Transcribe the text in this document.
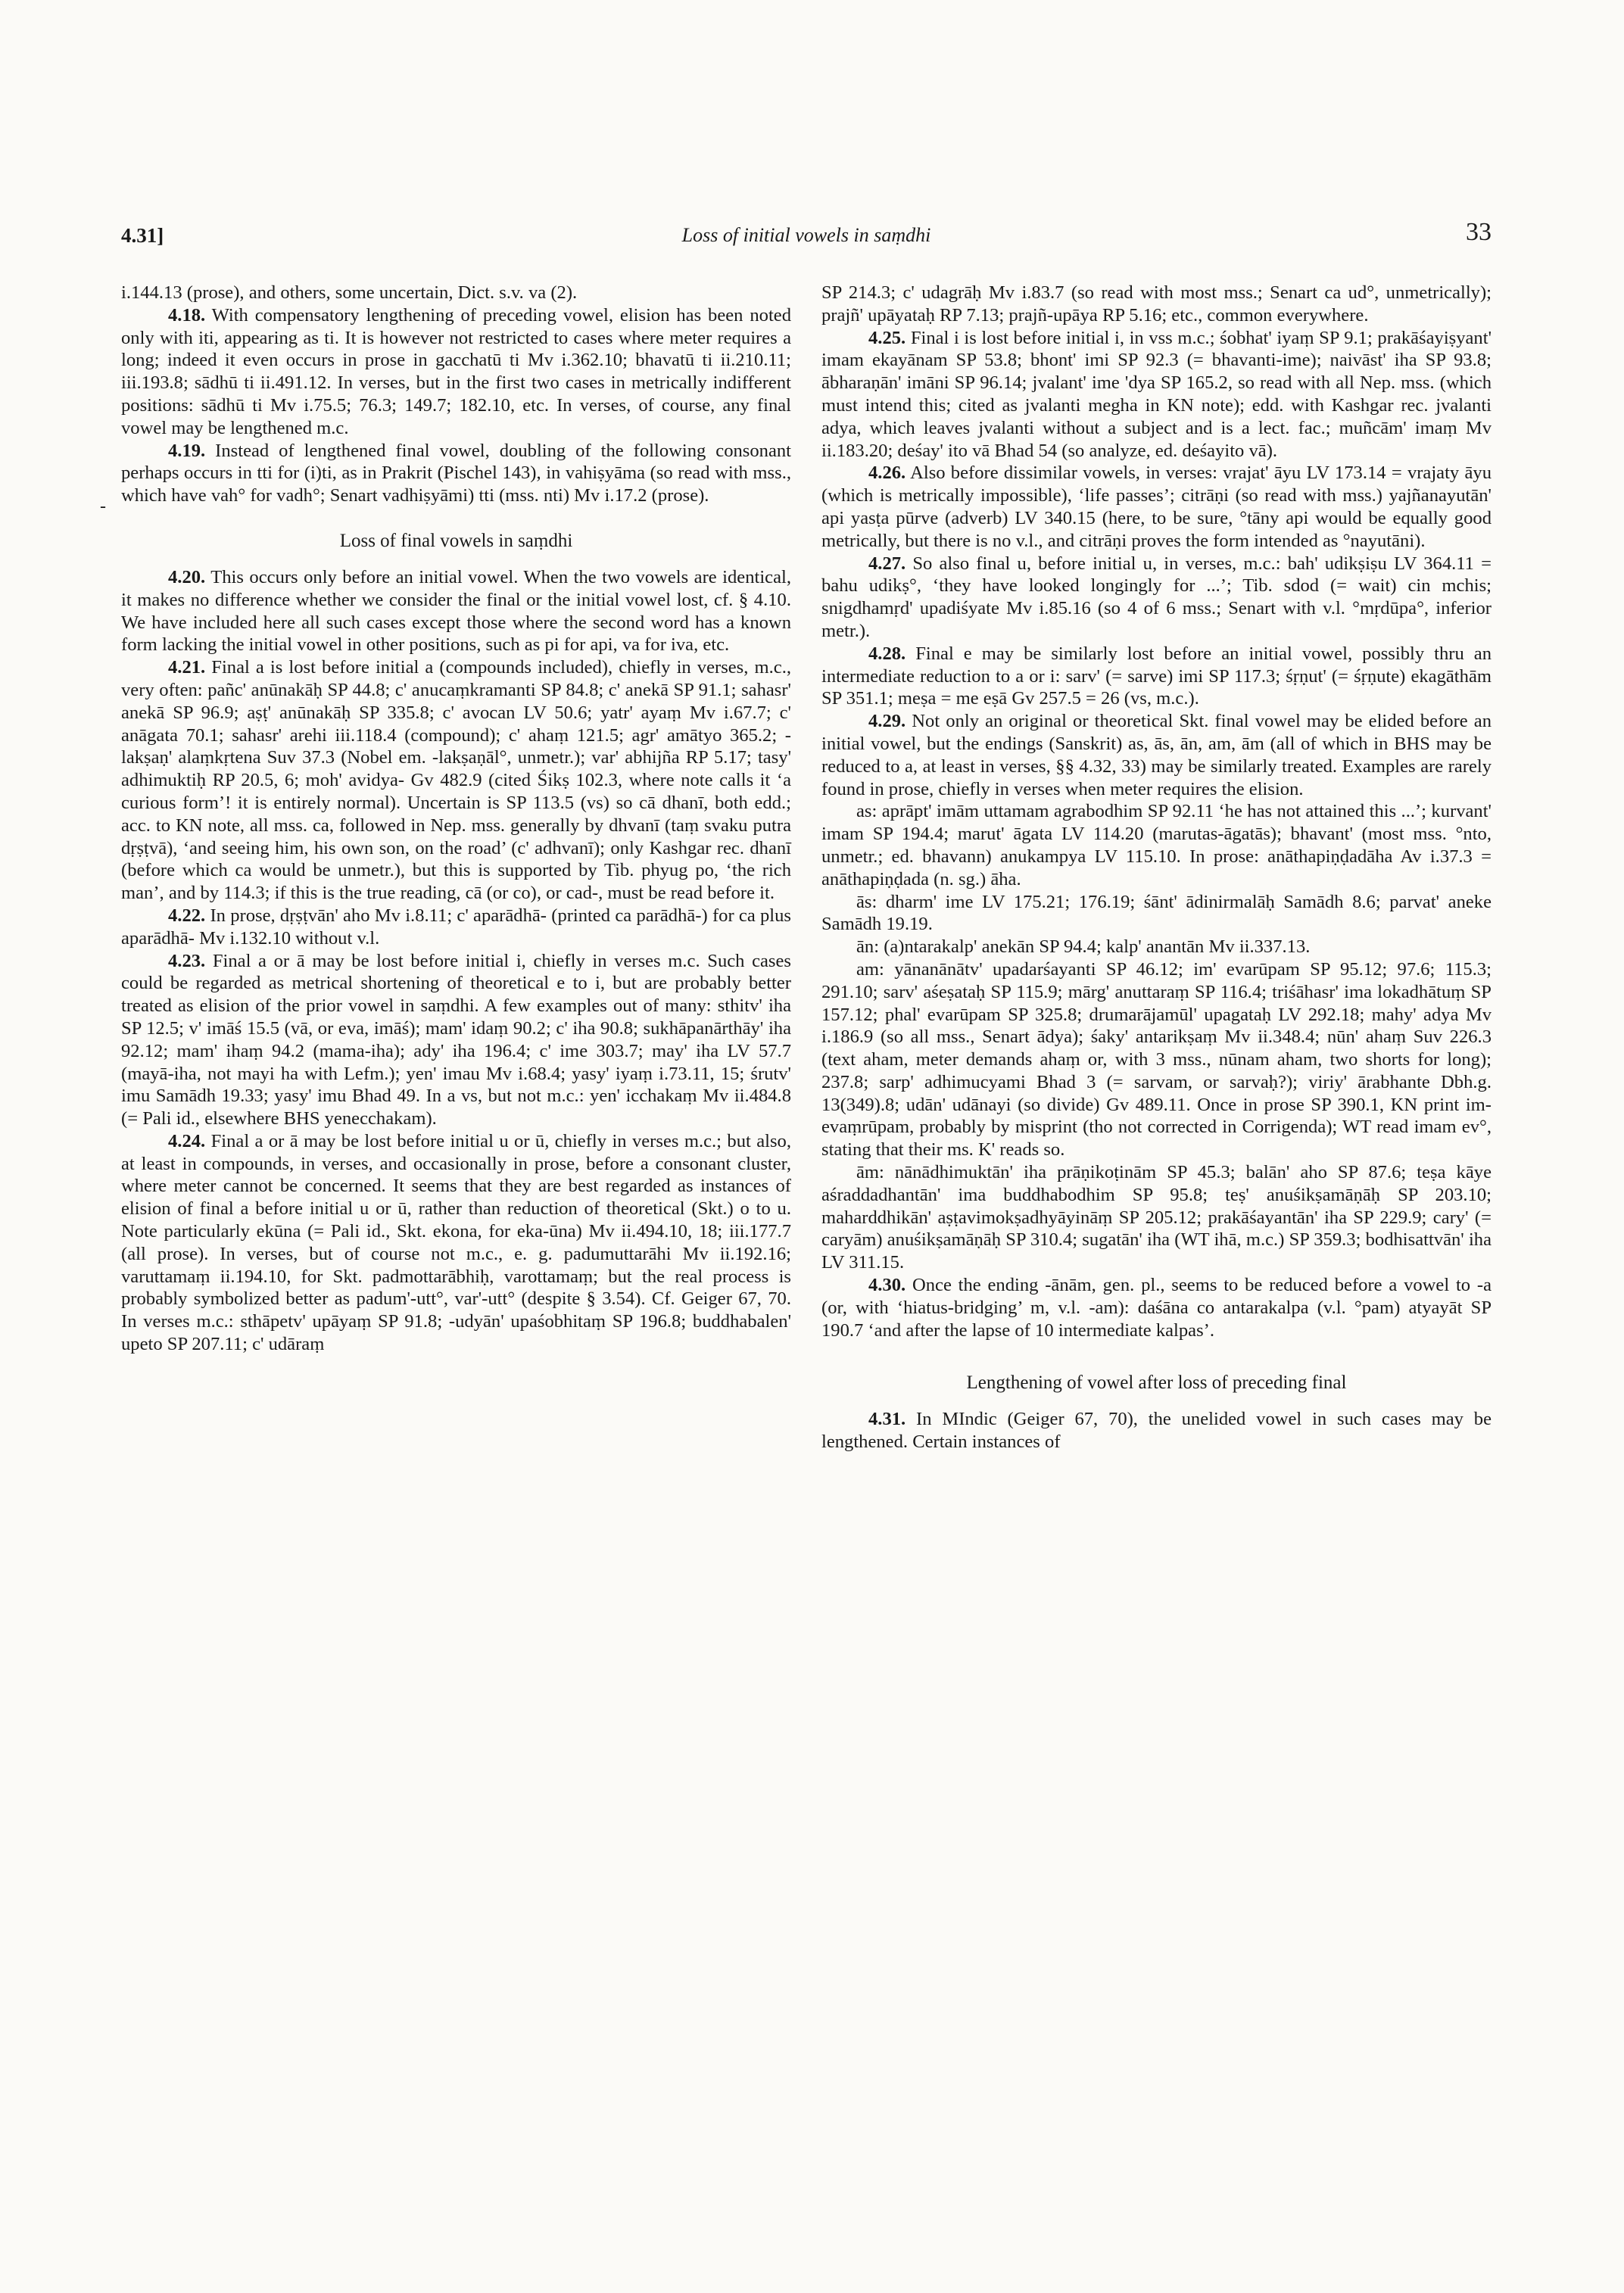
4.31]	Loss of initial vowels in saṃdhi	33
-

i.144.13 (prose), and others, some uncertain, Dict. s.v. va (2).

4.18. With compensatory lengthening of preceding vowel, elision has been noted only with iti, appearing as ti. It is however not restricted to cases where meter requires a long; indeed it even occurs in prose in gacchatū ti Mv i.362.10; bhavatū ti ii.210.11; iii.193.8; sādhū ti ii.491.12. In verses, but in the first two cases in metrically indifferent positions: sādhū ti Mv i.75.5; 76.3; 149.7; 182.10, etc. In verses, of course, any final vowel may be lengthened m.c.

4.19. Instead of lengthened final vowel, doubling of the following consonant perhaps occurs in tti for (i)ti, as in Prakrit (Pischel 143), in vahiṣyāma (so read with mss., which have vah° for vadh°; Senart vadhiṣyāmi) tti (mss. nti) Mv i.17.2 (prose).

Loss of final vowels in saṃdhi

4.20. This occurs only before an initial vowel. When the two vowels are identical, it makes no difference whether we consider the final or the initial vowel lost, cf. § 4.10. We have included here all such cases except those where the second word has a known form lacking the initial vowel in other positions, such as pi for api, va for iva, etc.

4.21. Final a is lost before initial a (compounds included), chiefly in verses, m.c., very often: pañc' anūnakāḥ SP 44.8; c' anucaṃkramanti SP 84.8; c' anekā SP 91.1; sahasr' anekā SP 96.9; aṣṭ' anūnakāḥ SP 335.8; c' avocan LV 50.6; yatr' ayaṃ Mv i.67.7; c' anāgata 70.1; sahasr' arehi iii.118.4 (compound); c' ahaṃ 121.5; agr' amātyo 365.2; -lakṣaṇ' alaṃkṛtena Suv 37.3 (Nobel em. -lakṣaṇāl°, unmetr.); var' abhijña RP 5.17; tasy' adhimuktiḥ RP 20.5, 6; moh' avidya- Gv 482.9 (cited Śikṣ 102.3, where note calls it ‘a curious form’! it is entirely normal). Uncertain is SP 113.5 (vs) so cā dhanī, both edd.; acc. to KN note, all mss. ca, followed in Nep. mss. generally by dhvanī (taṃ svaku putra dṛṣṭvā), ‘and seeing him, his own son, on the road’ (c' adhvanī); only Kashgar rec. dhanī (before which ca would be unmetr.), but this is supported by Tib. phyug po, ‘the rich man’, and by 114.3; if this is the true reading, cā (or co), or cad-, must be read before it.

4.22. In prose, dṛṣṭvān' aho Mv i.8.11; c' aparādhā- (printed ca parādhā-) for ca plus aparādhā- Mv i.132.10 without v.l.

4.23. Final a or ā may be lost before initial i, chiefly in verses m.c. Such cases could be regarded as metrical shortening of theoretical e to i, but are probably better treated as elision of the prior vowel in saṃdhi. A few examples out of many: sthitv' iha SP 12.5; v' imāś 15.5 (vā, or eva, imāś); mam' idaṃ 90.2; c' iha 90.8; sukhāpanārthāy' iha 92.12; mam' ihaṃ 94.2 (mama-iha); ady' iha 196.4; c' ime 303.7; may' iha LV 57.7 (mayā-iha, not mayi ha with Lefm.); yen' imau Mv i.68.4; yasy' iyaṃ i.73.11, 15; śrutv' imu Samādh 19.33; yasy' imu Bhad 49. In a vs, but not m.c.: yen' icchakaṃ Mv ii.484.8 (= Pali id., elsewhere BHS yenecchakam).

4.24. Final a or ā may be lost before initial u or ū, chiefly in verses m.c.; but also, at least in compounds, in verses, and occasionally in prose, before a consonant cluster, where meter cannot be concerned. It seems that they are best regarded as instances of elision of final a before initial u or ū, rather than reduction of theoretical (Skt.) o to u. Note particularly ekūna (= Pali id., Skt. ekona, for eka-ūna) Mv ii.494.10, 18; iii.177.7 (all prose). In verses, but of course not m.c., e. g. padumuttarāhi Mv ii.192.16; varuttamaṃ ii.194.10, for Skt. padmottarābhiḥ, varottamaṃ; but the real process is probably symbolized better as padum'-utt°, var'-utt° (despite § 3.54). Cf. Geiger 67, 70. In verses m.c.: sthāpetv' upāyaṃ SP 91.8; -udyān' upaśobhitaṃ SP 196.8; buddhabalen' upeto SP 207.11; c' udāraṃ

SP 214.3; c' udagrāḥ Mv i.83.7 (so read with most mss.; Senart ca ud°, unmetrically); prajñ' upāyataḥ RP 7.13; prajñ-upāya RP 5.16; etc., common everywhere.

4.25. Final i is lost before initial i, in vss m.c.; śobhat' iyaṃ SP 9.1; prakāśayiṣyant' imam ekayānam SP 53.8; bhont' imi SP 92.3 (= bhavanti-ime); naivāst' iha SP 93.8; ābharaṇān' imāni SP 96.14; jvalant' ime 'dya SP 165.2, so read with all Nep. mss. (which must intend this; cited as jvalanti megha in KN note); edd. with Kashgar rec. jvalanti adya, which leaves jvalanti without a subject and is a lect. fac.; muñcām' imaṃ Mv ii.183.20; deśay' ito vā Bhad 54 (so analyze, ed. deśayito vā).

4.26. Also before dissimilar vowels, in verses: vrajat' āyu LV 173.14 = vrajaty āyu (which is metrically impossible), ‘life passes’; citrāṇi (so read with mss.) yajñanayutān' api yasṭa pūrve (adverb) LV 340.15 (here, to be sure, °tāny api would be equally good metrically, but there is no v.l., and citrāṇi proves the form intended as °nayutāni).

4.27. So also final u, before initial u, in verses, m.c.: bah' udikṣiṣu LV 364.11 = bahu udikṣ°, ‘they have looked longingly for ...’; Tib. sdod (= wait) cin mchis; snigdhamṛd' upadiśyate Mv i.85.16 (so 4 of 6 mss.; Senart with v.l. °mṛdūpa°, inferior metr.).

4.28. Final e may be similarly lost before an initial vowel, possibly thru an intermediate reduction to a or i: sarv' (= sarve) imi SP 117.3; śṛṇut' (= śṛṇute) ekagāthām SP 351.1; meṣa = me eṣā Gv 257.5 = 26 (vs, m.c.).

4.29. Not only an original or theoretical Skt. final vowel may be elided before an initial vowel, but the endings (Sanskrit) as, ās, ān, am, ām (all of which in BHS may be reduced to a, at least in verses, §§ 4.32, 33) may be similarly treated. Examples are rarely found in prose, chiefly in verses when meter requires the elision.

as: aprāpt' imām uttamam agrabodhim SP 92.11 ‘he has not attained this ...’; kurvant' imam SP 194.4; marut' āgata LV 114.20 (marutas-āgatās); bhavant' (most mss. °nto, unmetr.; ed. bhavann) anukampya LV 115.10. In prose: anāthapiṇḍadāha Av i.37.3 = anāthapiṇḍada (n. sg.) āha.

ās: dharm' ime LV 175.21; 176.19; śānt' ādinirmalāḥ Samādh 8.6; parvat' aneke Samādh 19.19.

ān: (a)ntarakalp' anekān SP 94.4; kalp' anantān Mv ii.337.13.

am: yānanānātv' upadarśayanti SP 46.12; im' evarūpam SP 95.12; 97.6; 115.3; 291.10; sarv' aśeṣataḥ SP 115.9; mārg' anuttaraṃ SP 116.4; triśāhasr' ima lokadhātuṃ SP 157.12; phal' evarūpam SP 325.8; drumarājamūl' upagataḥ LV 292.18; mahy' adya Mv i.186.9 (so all mss., Senart ādya); śaky' antarikṣaṃ Mv ii.348.4; nūn' ahaṃ Suv 226.3 (text aham, meter demands ahaṃ or, with 3 mss., nūnam aham, two shorts for long); 237.8; sarp' adhimucyami Bhad 3 (= sarvam, or sarvaḥ?); viriy' ārabhante Dbh.g. 13(349).8; udān' udānayi (so divide) Gv 489.11. Once in prose SP 390.1, KN print im-evaṃrūpam, probably by misprint (tho not corrected in Corrigenda); WT read imam ev°, stating that their ms. K' reads so.

ām: nānādhimuktān' iha prāṇikoṭinām SP 45.3; balān' aho SP 87.6; teṣa kāye aśraddadhantān' ima buddhabodhim SP 95.8; teṣ' anuśikṣamāṇāḥ SP 203.10; maharddhikān' aṣṭavimokṣadhyāyināṃ SP 205.12; prakāśayantān' iha SP 229.9; cary' (= caryām) anuśikṣamāṇāḥ SP 310.4; sugatān' iha (WT ihā, m.c.) SP 359.3; bodhisattvān' iha LV 311.15.

4.30. Once the ending -ānām, gen. pl., seems to be reduced before a vowel to -a (or, with ‘hiatus-bridging’ m, v.l. -am): daśāna co antarakalpa (v.l. °pam) atyayāt SP 190.7 ‘and after the lapse of 10 intermediate kalpas’.

Lengthening of vowel after loss of preceding final

4.31. In MIndic (Geiger 67, 70), the unelided vowel in such cases may be lengthened. Certain instances of
